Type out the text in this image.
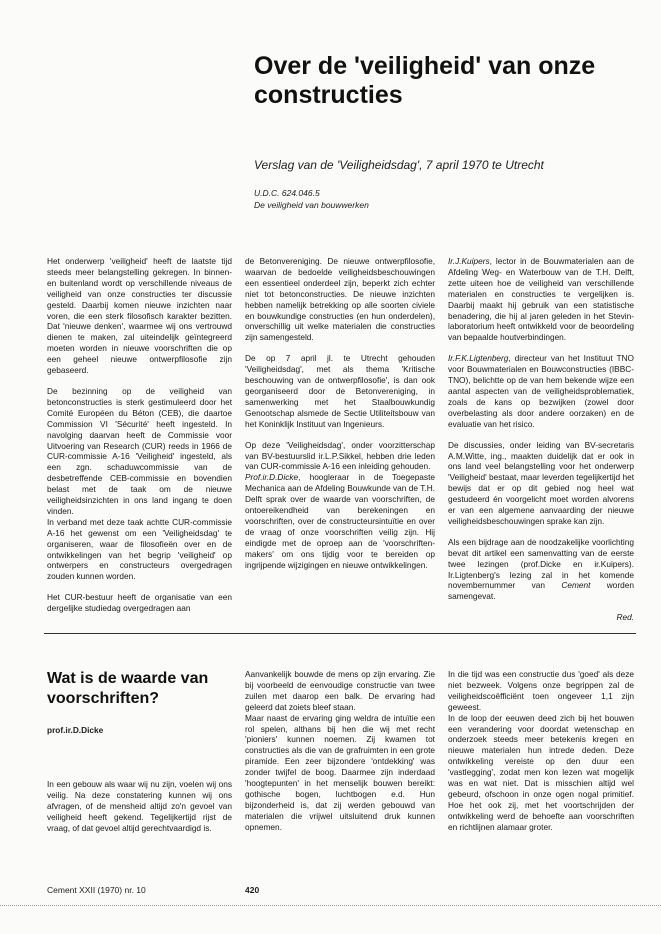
Over de 'veiligheid' van onze constructies

Verslag van de 'Veiligheidsdag', 7 april 1970 te Utrecht

U.D.C. 624.046.5
De veiligheid van bouwwerken

Het onderwerp 'veiligheid' heeft de laatste tijd steeds meer belangstelling gekregen. In binnen- en buitenland wordt op verschillende niveaus de veiligheid van onze constructies ter discussie gesteld. Daarbij komen nieuwe inzichten naar voren, die een sterk filosofisch karakter bezitten. Dat 'nieuwe denken', waarmee wij ons vertrouwd dienen te maken, zal uiteindelijk geïntegreerd moeten worden in nieuwe voorschriften die op een geheel nieuwe ontwerpfilosofie zijn gebaseerd.

De bezinning op de veiligheid van betonconstructies is sterk gestimuleerd door het Comité Européen du Béton (CEB), die daartoe Commission VI 'Sécurité' heeft ingesteld. In navolging daarvan heeft de Commissie voor Uitvoering van Research (CUR) reeds in 1966 de CUR-commissie A-16 'Veiligheid' ingesteld, als een zgn. schaduwcommissie van de desbetreffende CEB-commissie en bovendien belast met de taak om de nieuwe veiligheidsinzichten in ons land ingang te doen vinden.

In verband met deze taak achtte CUR-commissie A-16 het gewenst om een 'Veiligheidsdag' te organiseren, waar de filosofieën over en de ontwikkelingen van het begrip 'veiligheid' op ontwerpers en constructeurs overgedragen zouden kunnen worden.

Het CUR-bestuur heeft de organisatie van een dergelijke studiedag overgedragen aan

de Betonvereniging. De nieuwe ontwerpfilosofie, waarvan de bedoelde veiligheidsbeschouwingen een essentieel onderdeel zijn, beperkt zich echter niet tot betonconstructies. De nieuwe inzichten hebben namelijk betrekking op alle soorten civiele en bouwkundige constructies (en hun onderdelen), onverschillig uit welke materialen die constructies zijn samengesteld.

De op 7 april jl. te Utrecht gehouden 'Veiligheidsdag', met als thema 'Kritische beschouwing van de ontwerpfilosofie', is dan ook georganiseerd door de Betonvereniging, in samenwerking met het Staalbouwkundig Genootschap alsmede de Sectie Utiliteitsbouw van het Koninklijk Instituut van Ingenieurs.

Op deze 'Veiligheidsdag', onder voorzitterschap van BV-bestuurslid ir.L.P.Sikkel, hebben drie leden van CUR-commissie A-16 een inleiding gehouden.

Prof.ir.D.Dicke, hoogleraar in de Toegepaste Mechanica aan de Afdeling Bouwkunde van de T.H. Delft sprak over de waarde van voorschriften, de ontoereikendheid van berekeningen en voorschriften, over de constructeursintuïtie en over de vraag of onze voorschriften veilig zijn. Hij eindigde met de oproep aan de 'voorschriften-makers' om ons tijdig voor te bereiden op ingrijpende wijzigingen en nieuwe ontwikkelingen.

Ir.J.Kuipers, lector in de Bouwmaterialen aan de Afdeling Weg- en Waterbouw van de T.H. Delft, zette uiteen hoe de veiligheid van verschillende materialen en constructies te vergelijken is. Daarbij maakt hij gebruik van een statistische benadering, die hij al jaren geleden in het Stevin-laboratorium heeft ontwikkeld voor de beoordeling van bepaalde houtverbindingen.

Ir.F.K.Ligtenberg, directeur van het Instituut TNO voor Bouwmaterialen en Bouwconstructies (IBBC-TNO), belichtte op de van hem bekende wijze een aantal aspecten van de veiligheidsproblematiek, zoals de kans op bezwijken (zowel door overbelasting als door andere oorzaken) en de evaluatie van het risico.

De discussies, onder leiding van BV-secretaris A.M.Witte, ing., maakten duidelijk dat er ook in ons land veel belangstelling voor het onderwerp 'Veiligheid' bestaat, maar leverden tegelijkertijd het bewijs dat er op dit gebied nog heel wat gestudeerd én voorgelicht moet worden alvorens er van een algemene aanvaarding der nieuwe veiligheidsbeschouwingen sprake kan zijn.

Als een bijdrage aan de noodzakelijke voorlichting bevat dit artikel een samenvatting van de eerste twee lezingen (prof.Dicke en ir.Kuipers). Ir.Ligtenberg's lezing zal in het komende novembernummer van Cement worden samengevat.

Red.
Wat is de waarde van voorschriften?
prof.ir.D.Dicke

In een gebouw als waar wij nu zijn, voelen wij ons veilig. Na deze constatering kunnen wij ons afvragen, of de mensheid altijd zo'n gevoel van veiligheid heeft gekend. Tegelijkertijd rijst de vraag, of dat gevoel altijd gerechtvaardigd is.

Aanvankelijk bouwde de mens op zijn ervaring. Zie bij voorbeeld de eenvoudige constructie van twee zuilen met daarop een balk. De ervaring had geleerd dat zoiets bleef staan.

Maar naast de ervaring ging weldra de intuïtie een rol spelen, althans bij hen die wij met recht 'pioniers' kunnen noemen. Zij kwamen tot constructies als die van de grafruimten in een grote piramide. Een zeer bijzondere 'ontdekking' was zonder twijfel de boog. Daarmee zijn inderdaad 'hoogtepunten' in het menselijk bouwen bereikt: gothische bogen, luchtbogen e.d. Hun bijzonderheid is, dat zij werden gebouwd van materialen die vrijwel uitsluitend druk kunnen opnemen.

In die tijd was een constructie dus 'goed' als deze niet bezweek. Volgens onze begrippen zal de veiligheidscoëfficiënt toen ongeveer 1,1 zijn geweest.

In de loop der eeuwen deed zich bij het bouwen een verandering voor doordat wetenschap en onderzoek steeds meer betekenis kregen en nieuwe materialen hun intrede deden. Deze ontwikkeling vereiste op den duur een 'vastlegging', zodat men kon lezen wat mogelijk was en wat niet. Dat is misschien altijd wel gebeurd, ofschoon in onze ogen nogal primitief. Hoe het ook zij, met het voortschrijden der ontwikkeling werd de behoefte aan voorschriften en richtlijnen alamaar groter.

Cement XXII (1970) nr. 10	420
